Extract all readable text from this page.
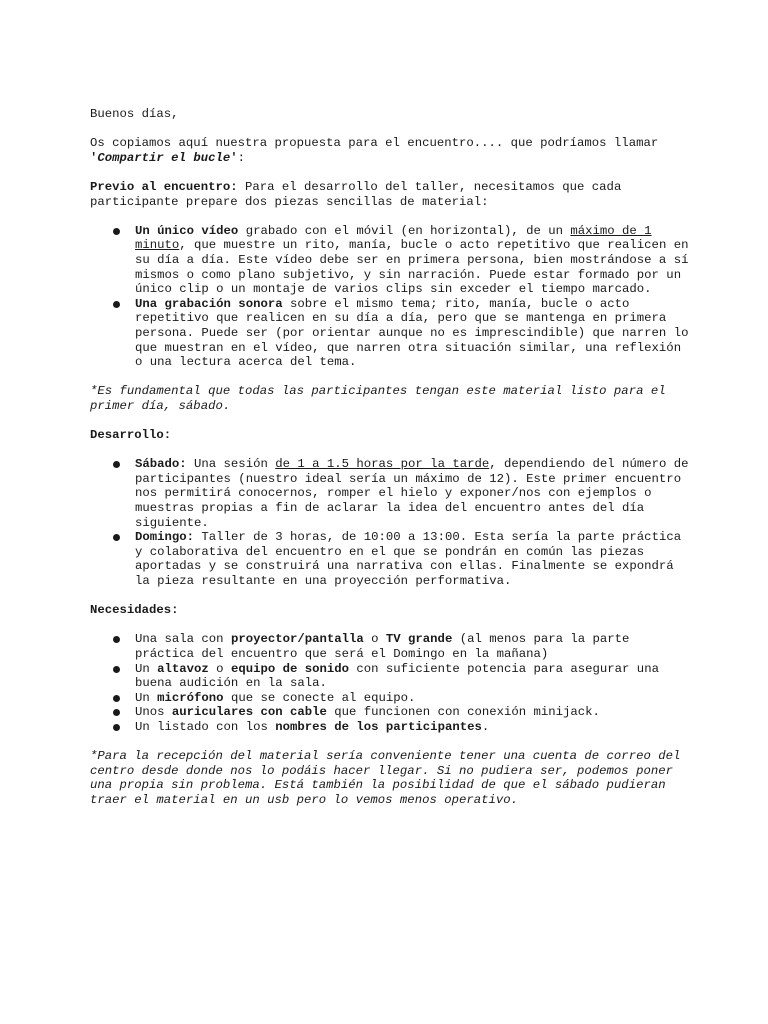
Buenos días,

Os copiamos aquí nuestra propuesta para el encuentro.... que podríamos llamar
'Compartir el bucle':

Previo al encuentro: Para el desarrollo del taller, necesitamos que cada participante prepare dos piezas sencillas de material:

Un único vídeo grabado con el móvil (en horizontal), de un máximo de 1 minuto, que muestre un rito, manía, bucle o acto repetitivo que realicen en su día a día. Este vídeo debe ser en primera persona, bien mostrándose a sí mismos o como plano subjetivo, y sin narración. Puede estar formado por un único clip o un montaje de varios clips sin exceder el tiempo marcado.
Una grabación sonora sobre el mismo tema; rito, manía, bucle o acto repetitivo que realicen en su día a día, pero que se mantenga en primera persona. Puede ser (por orientar aunque no es imprescindible) que narren lo que muestran en el vídeo, que narren otra situación similar, una reflexión o una lectura acerca del tema.

*Es fundamental que todas las participantes tengan este material listo para el primer día, sábado.

Desarrollo:

Sábado: Una sesión de 1 a 1.5 horas por la tarde, dependiendo del número de participantes (nuestro ideal sería un máximo de 12). Este primer encuentro nos permitirá conocernos, romper el hielo y exponer/nos con ejemplos o muestras propias a fin de aclarar la idea del encuentro antes del día siguiente.
Domingo: Taller de 3 horas, de 10:00 a 13:00. Esta sería la parte práctica y colaborativa del encuentro en el que se pondrán en común las piezas aportadas y se construirá una narrativa con ellas. Finalmente se expondrá la pieza resultante en una proyección performativa.

Necesidades:

Una sala con proyector/pantalla o TV grande (al menos para la parte práctica del encuentro que será el Domingo en la mañana)
Un altavoz o equipo de sonido con suficiente potencia para asegurar una buena audición en la sala.
Un micrófono que se conecte al equipo.
Unos auriculares con cable que funcionen con conexión minijack.
Un listado con los nombres de los participantes.

*Para la recepción del material sería conveniente tener una cuenta de correo del centro desde donde nos lo podáis hacer llegar. Si no pudiera ser, podemos poner una propia sin problema. Está también la posibilidad de que el sábado pudieran traer el material en un usb pero lo vemos menos operativo.
